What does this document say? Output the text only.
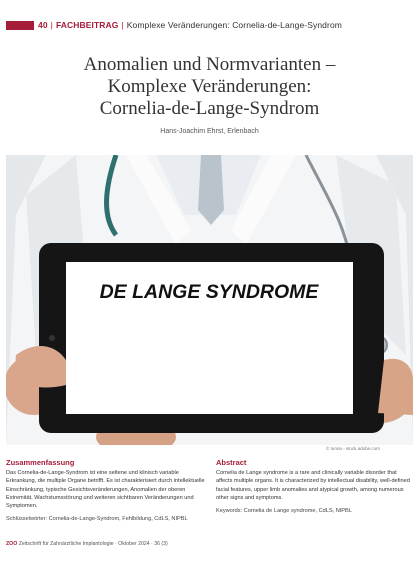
40 | FACHBEITRAG | Komplexe Veränderungen: Cornelia-de-Lange-Syndrom
Anomalien und Normvarianten –
Komplexe Veränderungen:
Cornelia-de-Lange-Syndrom
Hans-Joachim Ehrst, Erlenbach
DE LANGE SYNDROME
© Iunna - stock.adobe.com
Zusammenfassung
Das Cornelia-de-Lange-Syndrom ist eine seltene und klinisch variable Erkrankung, die multiple Organe betrifft. Es ist charakterisiert durch intellektuelle Einschränkung, typische Gesichtsveränderungen, Anomalien der oberen Extremität, Wachstumsstörung und weiteren sichtbaren Veränderungen und Symptomen.
Schlüsselwörter: Cornelia-de-Lange-Syndrom, Fehlbildung, CdLS, NIPBL
Abstract
Cornelia de Lange syndrome is a rare and clinically variable disorder that affects multiple organs. It is characterized by intellectual disability, well-defined facial features, upper limb anomalies and atypical growth, among numerous other signs and symptoms.
Keywords: Cornelia de Lange syndrome, CdLS, NIPBL
ZOO Zeitschrift für Zahnärztliche Implantologie · Oktober 2024 · 36 (3)
